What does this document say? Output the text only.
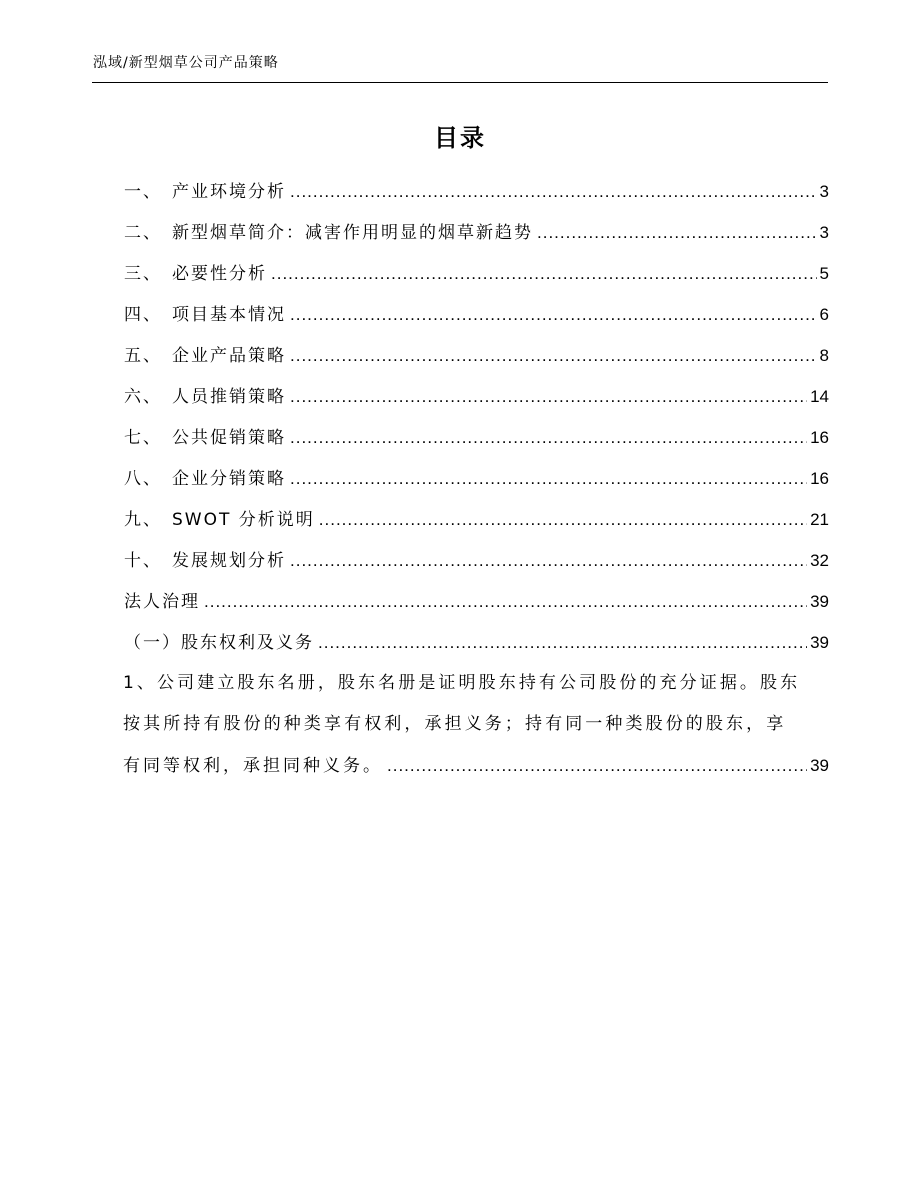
泓域/新型烟草公司产品策略
目录
一、 产业环境分析 .....	3
二、 新型烟草简介：减害作用明显的烟草新趋势 .....	3
三、 必要性分析 .....	5
四、 项目基本情况 .....	6
五、 企业产品策略 .....	8
六、 人员推销策略 .....	14
七、 公共促销策略 .....	16
八、 企业分销策略 .....	16
九、 SWOT 分析说明 .....	21
十、 发展规划分析 .....	32
法人治理 .....	39
（一）股东权利及义务 .....	39
1、公司建立股东名册，股东名册是证明股东持有公司股份的充分证据。股东
按其所持有股份的种类享有权利，承担义务；持有同一种类股份的股东，享
有同等权利，承担同种义务。 .....	39
